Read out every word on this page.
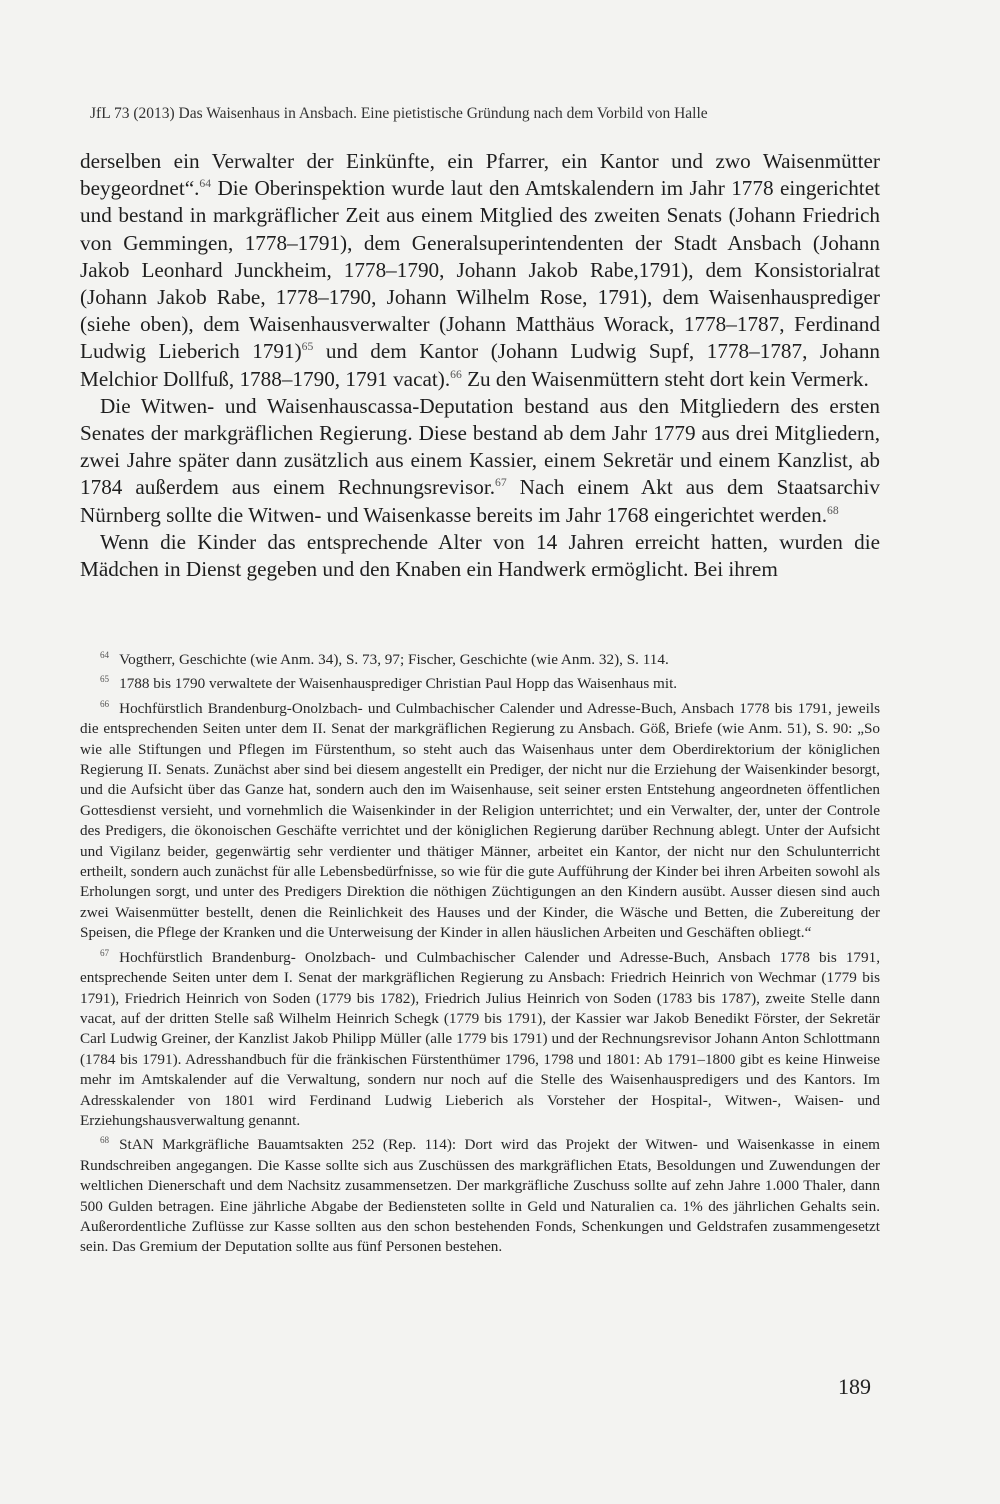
JfL 73 (2013) Das Waisenhaus in Ansbach. Eine pietistische Gründung nach dem Vorbild von Halle

derselben ein Verwalter der Einkünfte, ein Pfarrer, ein Kantor und zwo Waisenmütter beygeordnet“.$^{64}$ Die Oberinspektion wurde laut den Amtskalendern im Jahr 1778 eingerichtet und bestand in markgräflicher Zeit aus einem Mitglied des zweiten Senats (Johann Friedrich von Gemmingen, 1778–1791), dem Generalsuperintendenten der Stadt Ansbach (Johann Jakob Leonhard Junckheim, 1778–1790, Johann Jakob Rabe,1791), dem Konsistorialrat (Johann Jakob Rabe, 1778–1790, Johann Wilhelm Rose, 1791), dem Waisenhausprediger (siehe oben), dem Waisenhausverwalter (Johann Matthäus Worack, 1778–1787, Ferdinand Ludwig Lieberich 1791)$^{65}$ und dem Kantor (Johann Ludwig Supf, 1778–1787, Johann Melchior Dollfuß, 1788–1790, 1791 vacat).$^{66}$ Zu den Waisenmüttern steht dort kein Vermerk.

Die Witwen- und Waisenhauscassa-Deputation bestand aus den Mitgliedern des ersten Senates der markgräflichen Regierung. Diese bestand ab dem Jahr 1779 aus drei Mitgliedern, zwei Jahre später dann zusätzlich aus einem Kassier, einem Sekretär und einem Kanzlist, ab 1784 außerdem aus einem Rechnungsrevisor.$^{67}$ Nach einem Akt aus dem Staatsarchiv Nürnberg sollte die Witwen- und Waisenkasse bereits im Jahr 1768 eingerichtet werden.$^{68}$

Wenn die Kinder das entsprechende Alter von 14 Jahren erreicht hatten, wurden die Mädchen in Dienst gegeben und den Knaben ein Handwerk ermöglicht. Bei ihrem

$^{64}$ Vogtherr, Geschichte (wie Anm. 34), S. 73, 97; Fischer, Geschichte (wie Anm. 32), S. 114.

$^{65}$ 1788 bis 1790 verwaltete der Waisenhausprediger Christian Paul Hopp das Waisenhaus mit.

$^{66}$ Hochfürstlich Brandenburg-Onolzbach- und Culmbachischer Calender und Adresse-Buch, Ansbach 1778 bis 1791, jeweils die entsprechenden Seiten unter dem II. Senat der markgräflichen Regierung zu Ansbach. Göß, Briefe (wie Anm. 51), S. 90: „So wie alle Stiftungen und Pflegen im Fürstenthum, so steht auch das Waisenhaus unter dem Oberdirektorium der königlichen Regierung II. Senats. Zunächst aber sind bei diesem angestellt ein Prediger, der nicht nur die Erziehung der Waisenkinder besorgt, und die Aufsicht über das Ganze hat, sondern auch den im Waisenhause, seit seiner ersten Entstehung angeordneten öffentlichen Gottesdienst versieht, und vornehmlich die Waisenkinder in der Religion unterrichtet; und ein Verwalter, der, unter der Controle des Predigers, die ökonoischen Geschäfte verrichtet und der königlichen Regierung darüber Rechnung ablegt. Unter der Aufsicht und Vigilanz beider, gegenwärtig sehr verdienter und thätiger Männer, arbeitet ein Kantor, der nicht nur den Schulunterricht ertheilt, sondern auch zunächst für alle Lebensbedürfnisse, so wie für die gute Aufführung der Kinder bei ihren Arbeiten sowohl als Erholungen sorgt, und unter des Predigers Direktion die nöthigen Züchtigungen an den Kindern ausübt. Ausser diesen sind auch zwei Waisenmütter bestellt, denen die Reinlichkeit des Hauses und der Kinder, die Wäsche und Betten, die Zubereitung der Speisen, die Pflege der Kranken und die Unterweisung der Kinder in allen häuslichen Arbeiten und Geschäften obliegt.“

$^{67}$ Hochfürstlich Brandenburg- Onolzbach- und Culmbachischer Calender und Adresse-Buch, Ansbach 1778 bis 1791, entsprechende Seiten unter dem I. Senat der markgräflichen Regierung zu Ansbach: Friedrich Heinrich von Wechmar (1779 bis 1791), Friedrich Heinrich von Soden (1779 bis 1782), Friedrich Julius Heinrich von Soden (1783 bis 1787), zweite Stelle dann vacat, auf der dritten Stelle saß Wilhelm Heinrich Schegk (1779 bis 1791), der Kassier war Jakob Benedikt Förster, der Sekretär Carl Ludwig Greiner, der Kanzlist Jakob Philipp Müller (alle 1779 bis 1791) und der Rechnungsrevisor Johann Anton Schlottmann (1784 bis 1791). Adresshandbuch für die fränkischen Fürstenthümer 1796, 1798 und 1801: Ab 1791–1800 gibt es keine Hinweise mehr im Amtskalender auf die Verwaltung, sondern nur noch auf die Stelle des Waisenhauspredigers und des Kantors. Im Adresskalender von 1801 wird Ferdinand Ludwig Lieberich als Vorsteher der Hospital-, Witwen-, Waisen- und Erziehungshausverwaltung genannt.

$^{68}$ StAN Markgräfliche Bauamtsakten 252 (Rep. 114): Dort wird das Projekt der Witwen- und Waisenkasse in einem Rundschreiben angegangen. Die Kasse sollte sich aus Zuschüssen des markgräflichen Etats, Besoldungen und Zuwendungen der weltlichen Dienerschaft und dem Nachsitz zusammensetzen. Der markgräfliche Zuschuss sollte auf zehn Jahre 1.000 Thaler, dann 500 Gulden betragen. Eine jährliche Abgabe der Bediensteten sollte in Geld und Naturalien ca. 1% des jährlichen Gehalts sein. Außerordentliche Zuflüsse zur Kasse sollten aus den schon bestehenden Fonds, Schenkungen und Geldstrafen zusammengesetzt sein. Das Gremium der Deputation sollte aus fünf Personen bestehen.

189
